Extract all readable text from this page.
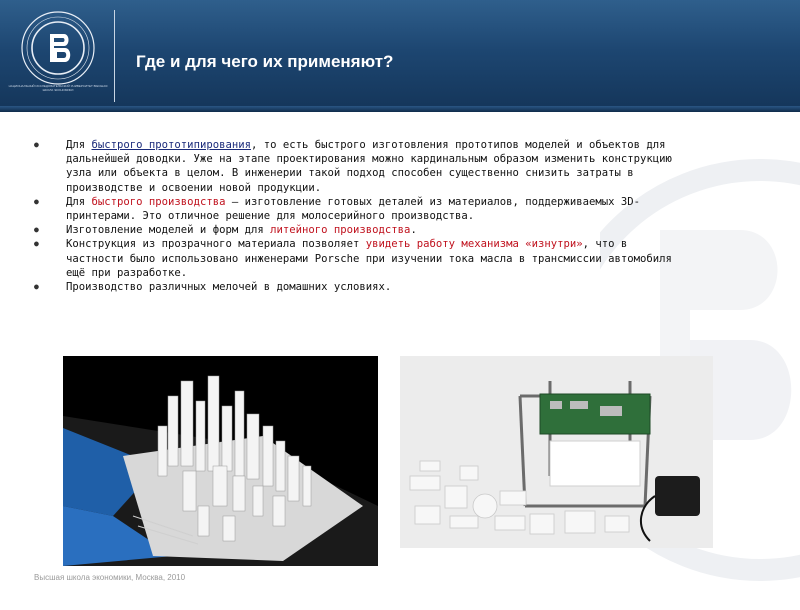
НАЦИОНАЛЬНЫЙ ИССЛЕДОВАТЕЛЬСКИЙ УНИВЕРСИТЕТ ВЫСШАЯ ШКОЛА ЭКОНОМИКИ
Где и для чего их применяют?
● Для быстрого прототипирования, то есть быстрого изготовления прототипов моделей и объектов для дальнейшей доводки. Уже на этапе проектирования можно кардинальным образом изменить конструкцию узла или объекта в целом. В инженерии такой подход способен существенно снизить затраты в производстве и освоении новой продукции.
● Для быстрого производства — изготовление готовых деталей из материалов, поддерживаемых 3D-принтерами. Это отличное решение для молосерийного производства.
● Изготовление моделей и форм для литейного производства.
● Конструкция из прозрачного материала позволяет увидеть работу механизма «изнутри», что в частности было использовано инженерами Porsche при изучении тока масла в трансмиссии автомобиля ещё при разработке.
● Производство различных мелочей в домашних условиях.
Высшая школа экономики, Москва, 2010
